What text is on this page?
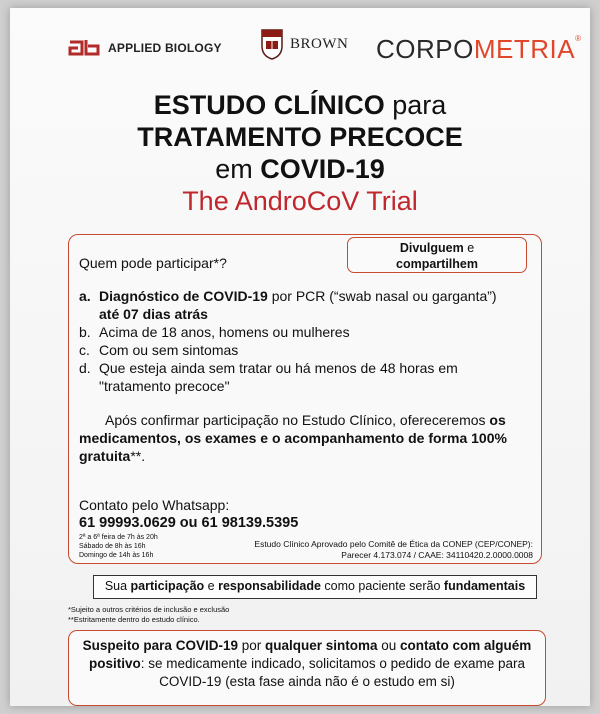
APPLIED BIOLOGY	BROWN CORPOMETRIA®
ESTUDO CLÍNICO para
TRATAMENTO PRECOCE
em COVID-19
The AndroCoV Trial
Divulguem e
compartilhem
Quem pode participar*?
a. Diagnóstico de COVID-19 por PCR (“swab nasal ou garganta”) até 07 dias atrás
b. Acima de 18 anos, homens ou mulheres
c. Com ou sem sintomas
d. Que esteja ainda sem tratar ou há menos de 48 horas em "tratamento precoce"
Após confirmar participação no Estudo Clínico, ofereceremos os medicamentos, os exames e o acompanhamento de forma 100% gratuita**.
Contato pelo Whatsapp:
61 99993.0629 ou 61 98139.5395
2ª a 6ª feira de 7h às 20h
Sábado de 8h às 16h
Domingo de 14h às 16h
Estudo Clínico Aprovado pelo Comitê de Ética da CONEP (CEP/CONEP):
Parecer 4.173.074 / CAAE: 34110420.2.0000.0008
Sua participação e responsabilidade como paciente serão fundamentais
*Sujeito a outros critérios de inclusão e exclusão
**Estritamente dentro do estudo clínico.
Suspeito para COVID-19 por qualquer sintoma ou contato com alguém positivo: se medicamente indicado, solicitamos o pedido de exame para COVID-19 (esta fase ainda não é o estudo em si)
